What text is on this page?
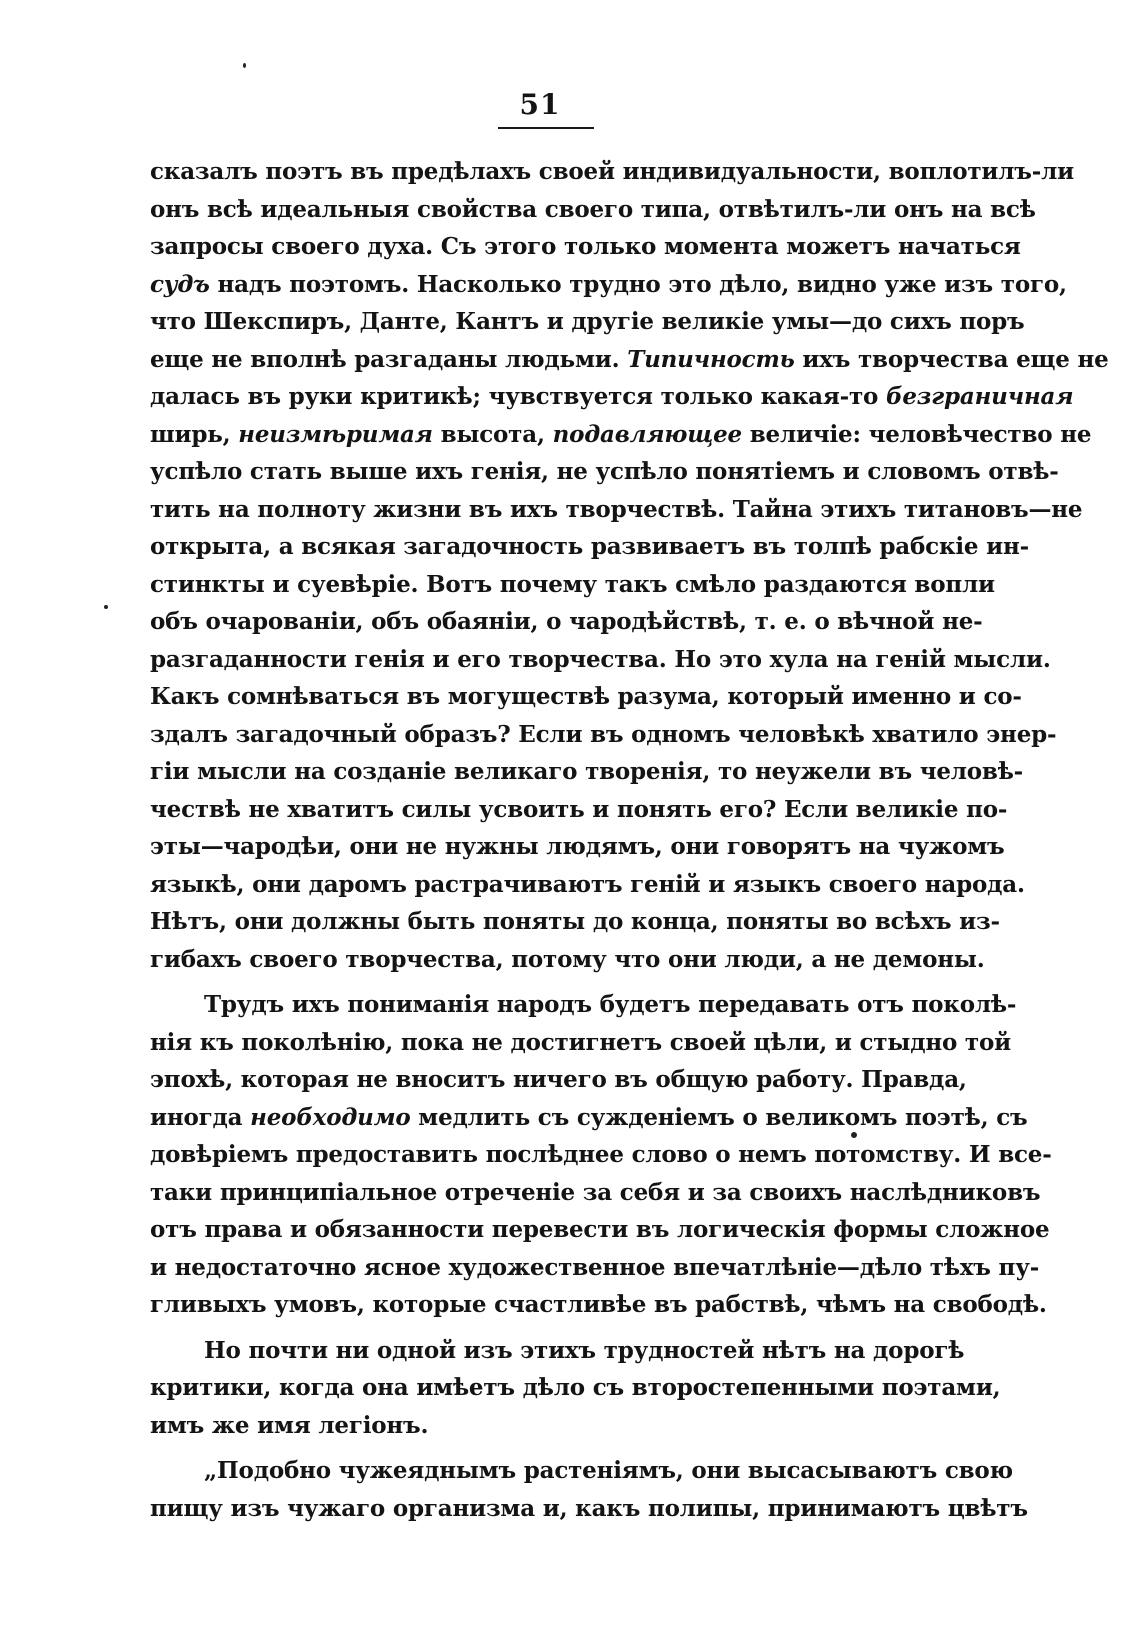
51
сказалъ поэтъ въ предѣлахъ своей индивидуальности, воплотилъ-ли
онъ всѣ идеальныя свойства своего типа, отвѣтилъ-ли онъ на всѣ
запросы своего духа. Съ этого только момента можетъ начаться
судъ надъ поэтомъ. Насколько трудно это дѣло, видно уже изъ того,
что Шекспиръ, Данте, Кантъ и другіе великіе умы—до сихъ поръ
еще не вполнѣ разгаданы людьми. Типичность ихъ творчества еще не
далась въ руки критикѣ; чувствуется только какая-то безграничная
ширь, неизмѣримая высота, подавляющее величіе: человѣчество не
успѣло стать выше ихъ генія, не успѣло понятіемъ и словомъ отвѣ-
тить на полноту жизни въ ихъ творчествѣ. Тайна этихъ титановъ—не
открыта, а всякая загадочность развиваетъ въ толпѣ рабскіе ин-
стинкты и суевѣріе. Вотъ почему такъ смѣло раздаются вопли
объ очарованіи, объ обаяніи, о чародѣйствѣ, т. е. о вѣчной не-
разгаданности генія и его творчества. Но это хула на геній мысли.
Какъ сомнѣваться въ могуществѣ разума, который именно и со-
здалъ загадочный образъ? Если въ одномъ человѣкѣ хватило энер-
гіи мысли на созданіе великаго творенія, то неужели въ человѣ-
чествѣ не хватитъ силы усвоить и понять его? Если великіе по-
эты—чародѣи, они не нужны людямъ, они говорятъ на чужомъ
языкѣ, они даромъ растрачиваютъ геній и языкъ своего народа.
Нѣтъ, они должны быть поняты до конца, поняты во всѣхъ из-
гибахъ своего творчества, потому что они люди, а не демоны.
Трудъ ихъ пониманія народъ будетъ передавать отъ поколѣ-
нія къ поколѣнію, пока не достигнетъ своей цѣли, и стыдно той
эпохѣ, которая не вноситъ ничего въ общую работу. Правда,
иногда необходимо медлить съ сужденіемъ о великомъ поэтѣ, съ
довѣріемъ предоставить послѣднее слово о немъ потомству. И все-
таки принципіальное отреченіе за себя и за своихъ наслѣдниковъ
отъ права и обязанности перевести въ логическія формы сложное
и недостаточно ясное художественное впечатлѣніе—дѣло тѣхъ пу-
гливыхъ умовъ, которые счастливѣе въ рабствѣ, чѣмъ на свободѣ.
Но почти ни одной изъ этихъ трудностей нѣтъ на дорогѣ
критики, когда она имѣетъ дѣло съ второстепенными поэтами,
имъ же имя легіонъ.
„Подобно чужеяднымъ растеніямъ, они высасываютъ свою
пищу изъ чужаго организма и, какъ полипы, принимаютъ цвѣтъ
